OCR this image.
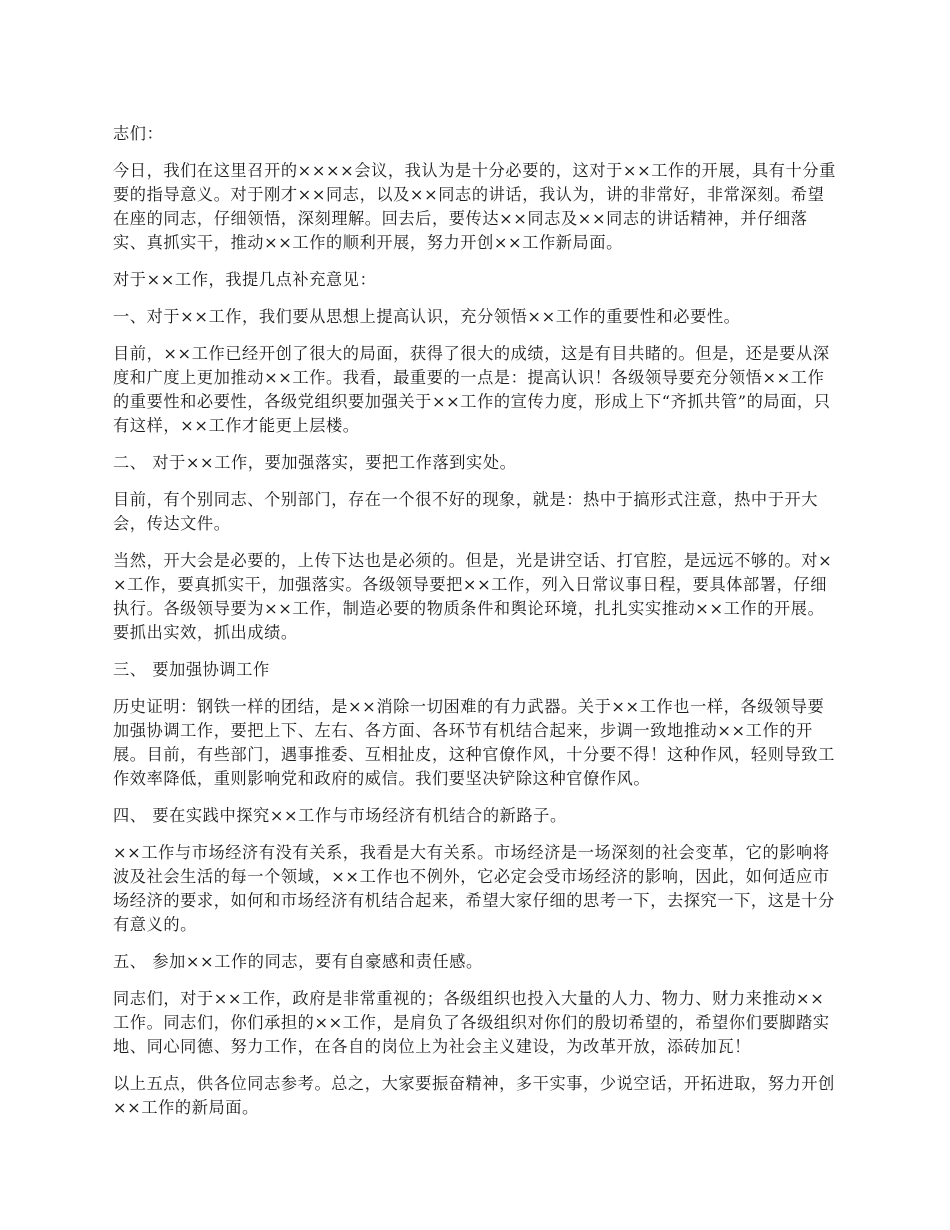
志们：

今日，我们在这里召开的××××会议，我认为是十分必要的，这对于××工作的开展，具有十分重要的指导意义。对于刚才××同志，以及××同志的讲话，我认为，讲的非常好，非常深刻。希望在座的同志，仔细领悟，深刻理解。回去后，要传达××同志及××同志的讲话精神，并仔细落实、真抓实干，推动××工作的顺利开展，努力开创××工作新局面。

对于××工作，我提几点补充意见：

一、对于××工作，我们要从思想上提高认识，充分领悟××工作的重要性和必要性。

目前，××工作已经开创了很大的局面，获得了很大的成绩，这是有目共睹的。但是，还是要从深度和广度上更加推动××工作。我看，最重要的一点是：提高认识！各级领导要充分领悟××工作的重要性和必要性，各级党组织要加强关于××工作的宣传力度，形成上下“齐抓共管”的局面，只有这样，××工作才能更上层楼。

二、 对于××工作，要加强落实，要把工作落到实处。

目前，有个别同志、个别部门，存在一个很不好的现象，就是：热中于搞形式注意，热中于开大会，传达文件。

当然，开大会是必要的，上传下达也是必须的。但是，光是讲空话、打官腔，是远远不够的。对××工作，要真抓实干，加强落实。各级领导要把××工作，列入日常议事日程，要具体部署，仔细执行。各级领导要为××工作，制造必要的物质条件和舆论环境，扎扎实实推动××工作的开展。要抓出实效，抓出成绩。

三、 要加强协调工作

历史证明：钢铁一样的团结，是××消除一切困难的有力武器。关于××工作也一样，各级领导要加强协调工作，要把上下、左右、各方面、各环节有机结合起来，步调一致地推动××工作的开展。目前，有些部门，遇事推委、互相扯皮，这种官僚作风，十分要不得！这种作风，轻则导致工作效率降低，重则影响党和政府的威信。我们要坚决铲除这种官僚作风。

四、 要在实践中探究××工作与市场经济有机结合的新路子。

××工作与市场经济有没有关系，我看是大有关系。市场经济是一场深刻的社会变革，它的影响将波及社会生活的每一个领域，××工作也不例外，它必定会受市场经济的影响，因此，如何适应市场经济的要求，如何和市场经济有机结合起来，希望大家仔细的思考一下，去探究一下，这是十分有意义的。

五、 参加××工作的同志，要有自豪感和责任感。

同志们，对于××工作，政府是非常重视的；各级组织也投入大量的人力、物力、财力来推动××工作。同志们，你们承担的××工作，是肩负了各级组织对你们的殷切希望的，希望你们要脚踏实地、同心同德、努力工作，在各自的岗位上为社会主义建设，为改革开放，添砖加瓦！

以上五点，供各位同志参考。总之，大家要振奋精神，多干实事，少说空话，开拓进取，努力开创××工作的新局面。
